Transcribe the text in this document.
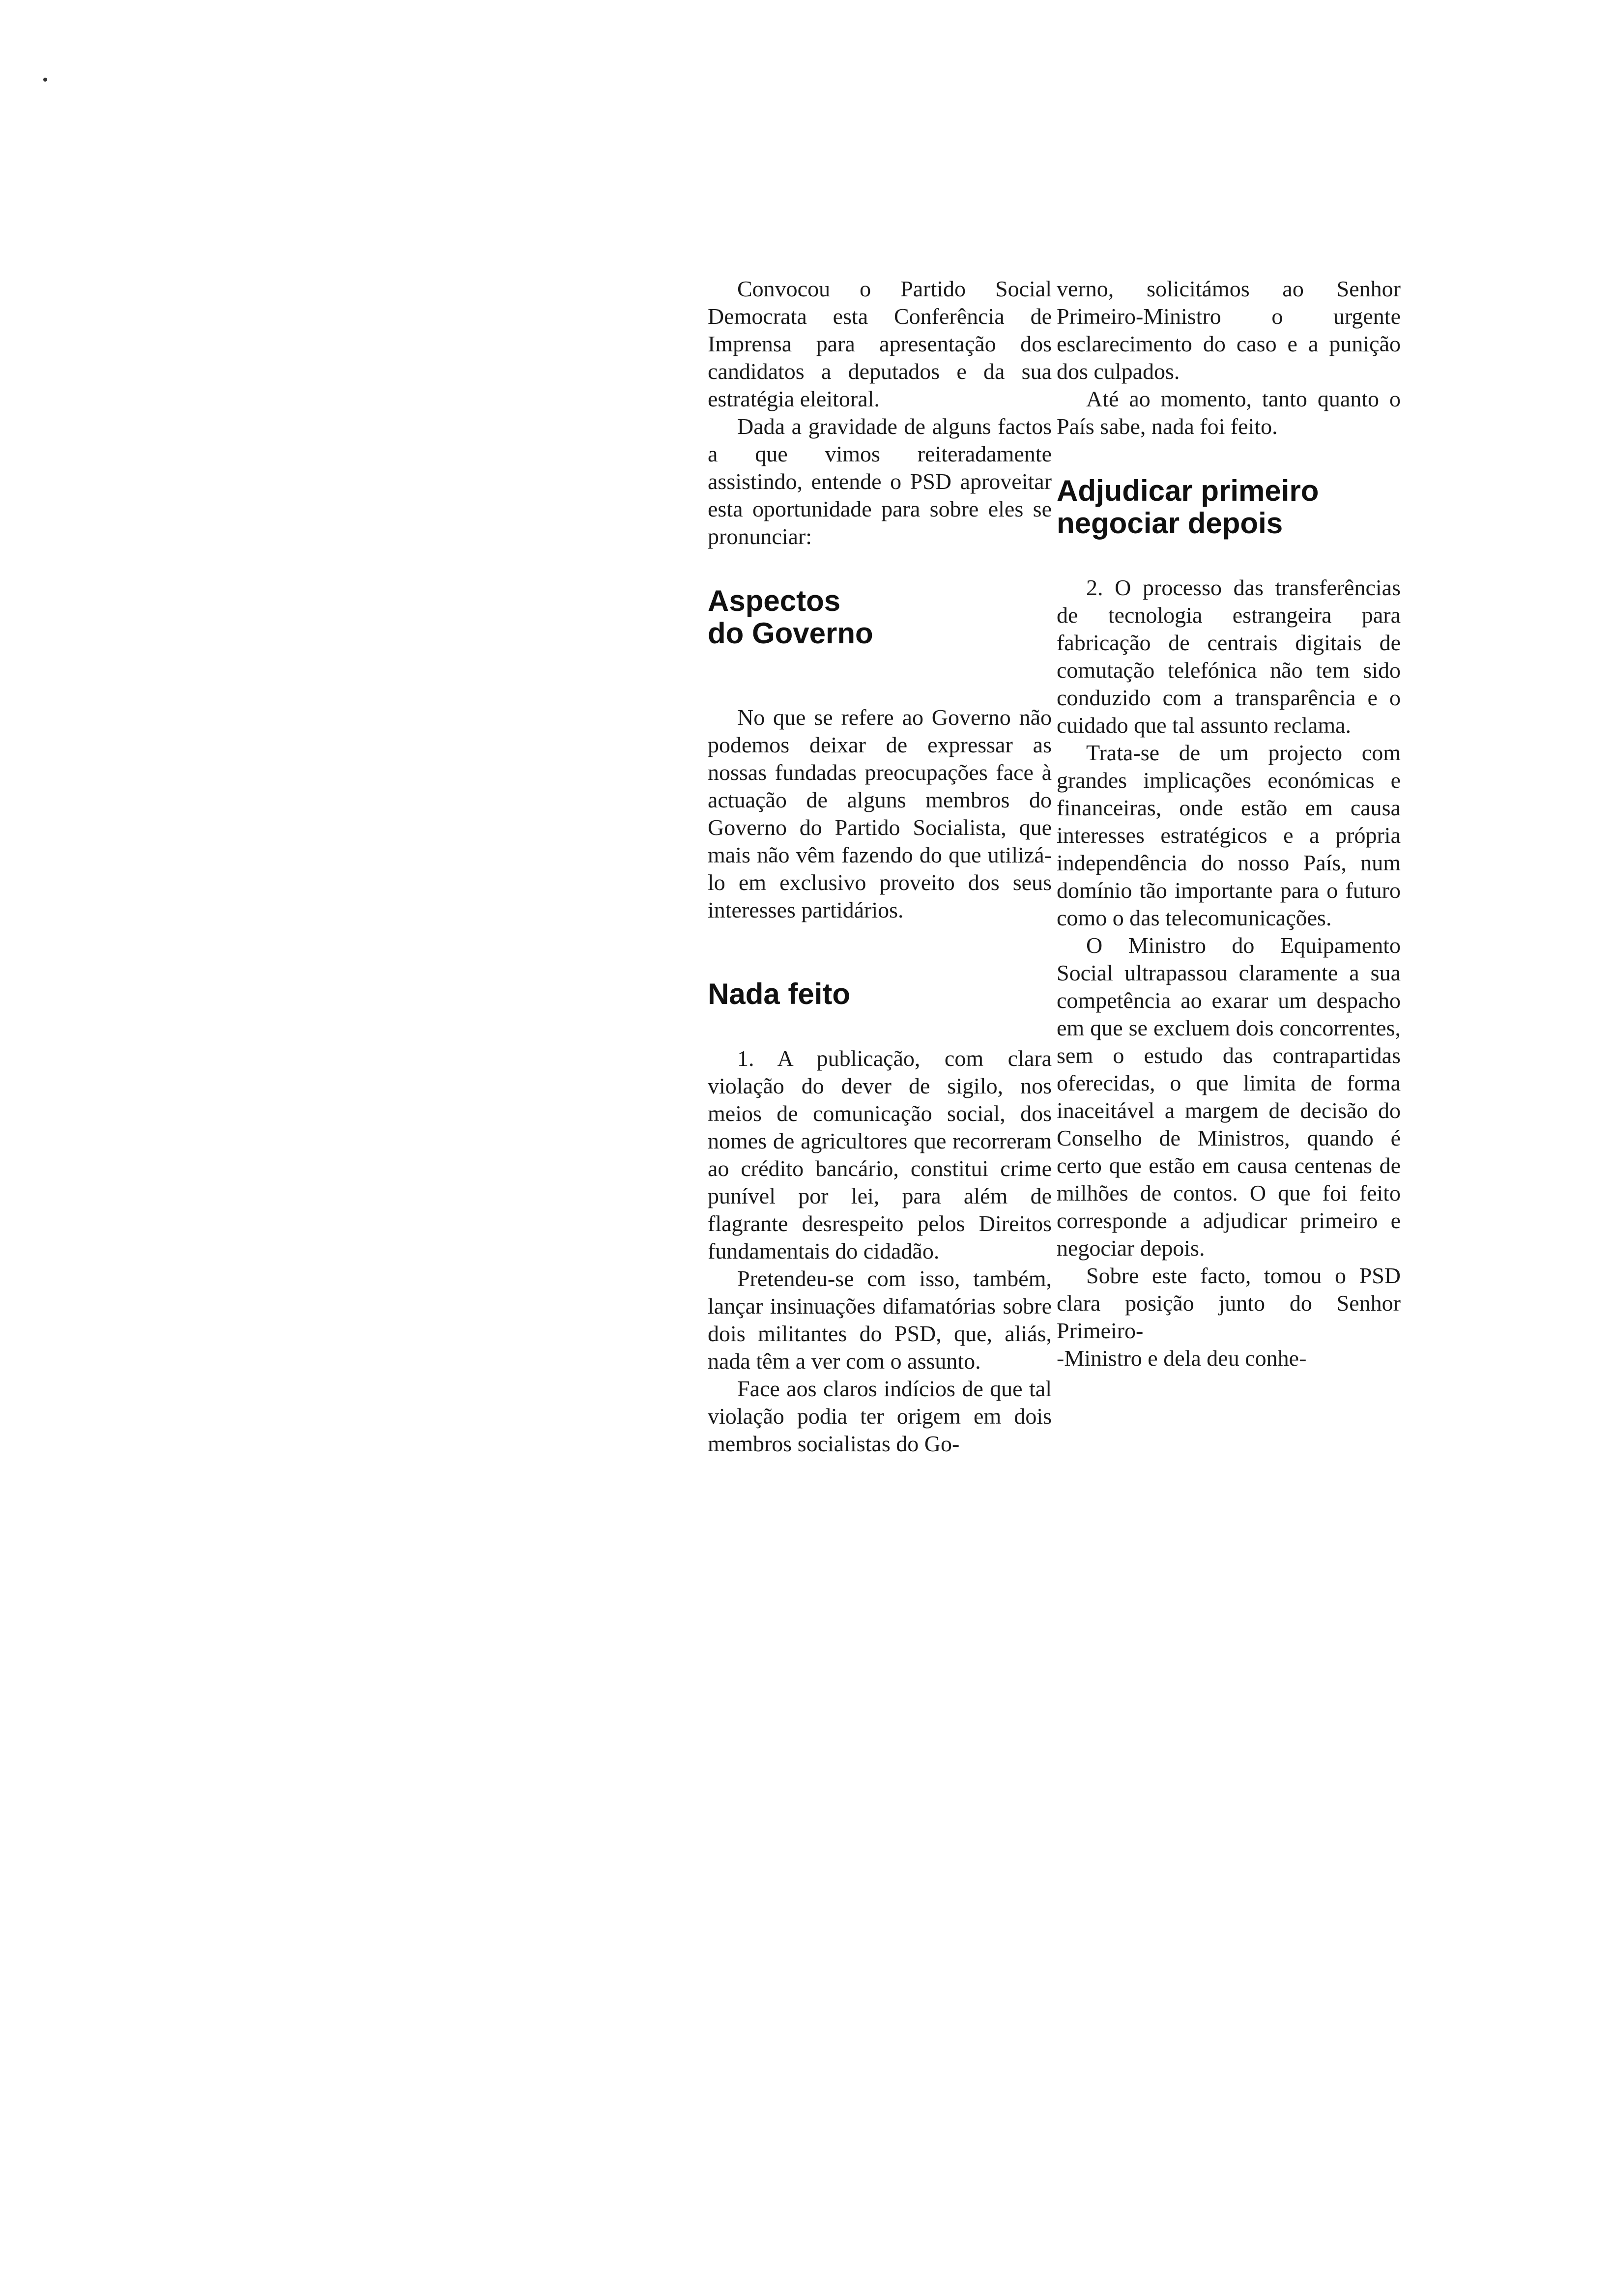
Convocou o Partido Social Democrata esta Conferência de Imprensa para apresentação dos candidatos a deputados e da sua estratégia eleitoral.

Dada a gravidade de alguns factos a que vimos reiteradamente assistindo, entende o PSD aproveitar esta oportunidade para sobre eles se pronunciar:

Aspectos
do Governo

No que se refere ao Governo não podemos deixar de expressar as nossas fundadas preocupações face à actuação de alguns membros do Governo do Partido Socialista, que mais não vêm fazendo do que utilizá-lo em exclusivo proveito dos seus interesses partidários.

Nada feito

1. A publicação, com clara violação do dever de sigilo, nos meios de comunicação social, dos nomes de agricultores que recorreram ao crédito bancário, constitui crime punível por lei, para além de flagrante desrespeito pelos Direitos fundamentais do cidadão.

Pretendeu-se com isso, também, lançar insinuações difamatórias sobre dois militantes do PSD, que, aliás, nada têm a ver com o assunto.

Face aos claros indícios de que tal violação podia ter origem em dois membros socialistas do Go-

verno, solicitámos ao Senhor Primeiro-Ministro o urgente esclarecimento do caso e a punição dos culpados.

Até ao momento, tanto quanto o País sabe, nada foi feito.

Adjudicar primeiro
negociar depois

2. O processo das transferências de tecnologia estrangeira para fabricação de centrais digitais de comutação telefónica não tem sido conduzido com a transparência e o cuidado que tal assunto reclama.

Trata-se de um projecto com grandes implicações económicas e financeiras, onde estão em causa interesses estratégicos e a própria independência do nosso País, num domínio tão importante para o futuro como o das telecomunicações.

O Ministro do Equipamento Social ultrapassou claramente a sua competência ao exarar um despacho em que se excluem dois concorrentes, sem o estudo das contrapartidas oferecidas, o que limita de forma inaceitável a margem de decisão do Conselho de Ministros, quando é certo que estão em causa centenas de milhões de contos. O que foi feito corresponde a adjudicar primeiro e negociar depois.

Sobre este facto, tomou o PSD clara posição junto do Senhor Primeiro-

-Ministro e dela deu conhe-
